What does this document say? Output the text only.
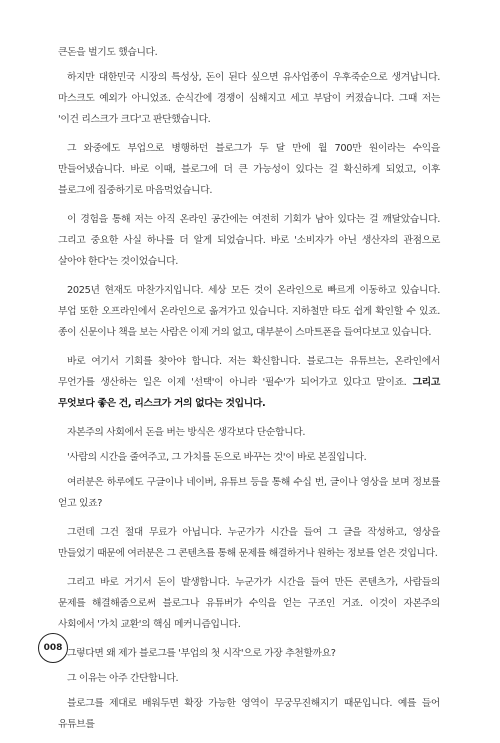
큰돈을 벌기도 했습니다.

하지만 대한민국 시장의 특성상, 돈이 된다 싶으면 유사업종이 우후죽순으로 생겨납니다. 마스크도 예외가 아니었죠. 순식간에 경쟁이 심해지고 세고 부담이 커졌습니다. 그때 저는 '이건 리스크가 크다'고 판단했습니다.

그 와중에도 부업으로 병행하던 블로그가 두 달 만에 월 700만 원이라는 수익을 만들어냈습니다. 바로 이때, 블로그에 더 큰 가능성이 있다는 걸 확신하게 되었고, 이후 블로그에 집중하기로 마음먹었습니다.

이 경험을 통해 저는 아직 온라인 공간에는 여전히 기회가 남아 있다는 걸 깨달았습니다. 그리고 중요한 사실 하나를 더 알게 되었습니다. 바로 '소비자가 아닌 생산자의 관점으로 살아야 한다'는 것이었습니다.

2025년 현재도 마찬가지입니다. 세상 모든 것이 온라인으로 빠르게 이동하고 있습니다. 부업 또한 오프라인에서 온라인으로 옮겨가고 있습니다. 지하철만 타도 쉽게 확인할 수 있죠. 종이 신문이나 책을 보는 사람은 이제 거의 없고, 대부분이 스마트폰을 들여다보고 있습니다.

바로 여기서 기회를 찾아야 합니다. 저는 확신합니다. 블로그는 유튜브는, 온라인에서 무언가를 생산하는 일은 이제 '선택'이 아니라 '필수'가 되어가고 있다고 말이죠. 그리고 무엇보다 좋은 건, 리스크가 거의 없다는 것입니다.

자본주의 사회에서 돈을 버는 방식은 생각보다 단순합니다.

'사람의 시간을 줄여주고, 그 가치를 돈으로 바꾸는 것'이 바로 본질입니다.

여러분은 하루에도 구글이나 네이버, 유튜브 등을 통해 수십 번, 글이나 영상을 보며 정보를 얻고 있죠?

그런데 그건 절대 무료가 아닙니다. 누군가가 시간을 들여 그 글을 작성하고, 영상을 만들었기 때문에 여러분은 그 콘텐츠를 통해 문제를 해결하거나 원하는 정보를 얻은 것입니다.

그리고 바로 거기서 돈이 발생합니다. 누군가가 시간을 들여 만든 콘텐츠가, 사람들의 문제를 해결해줌으로써 블로그나 유튜버가 수익을 얻는 구조인 거죠. 이것이 자본주의 사회에서 '가치 교환'의 핵심 메커니즘입니다.

그렇다면 왜 제가 블로그를 '부업의 첫 시작'으로 가장 추천할까요?

그 이유는 아주 간단합니다.

블로그를 제대로 배워두면 확장 가능한 영역이 무궁무진해지기 때문입니다. 예를 들어 유튜브를

008
